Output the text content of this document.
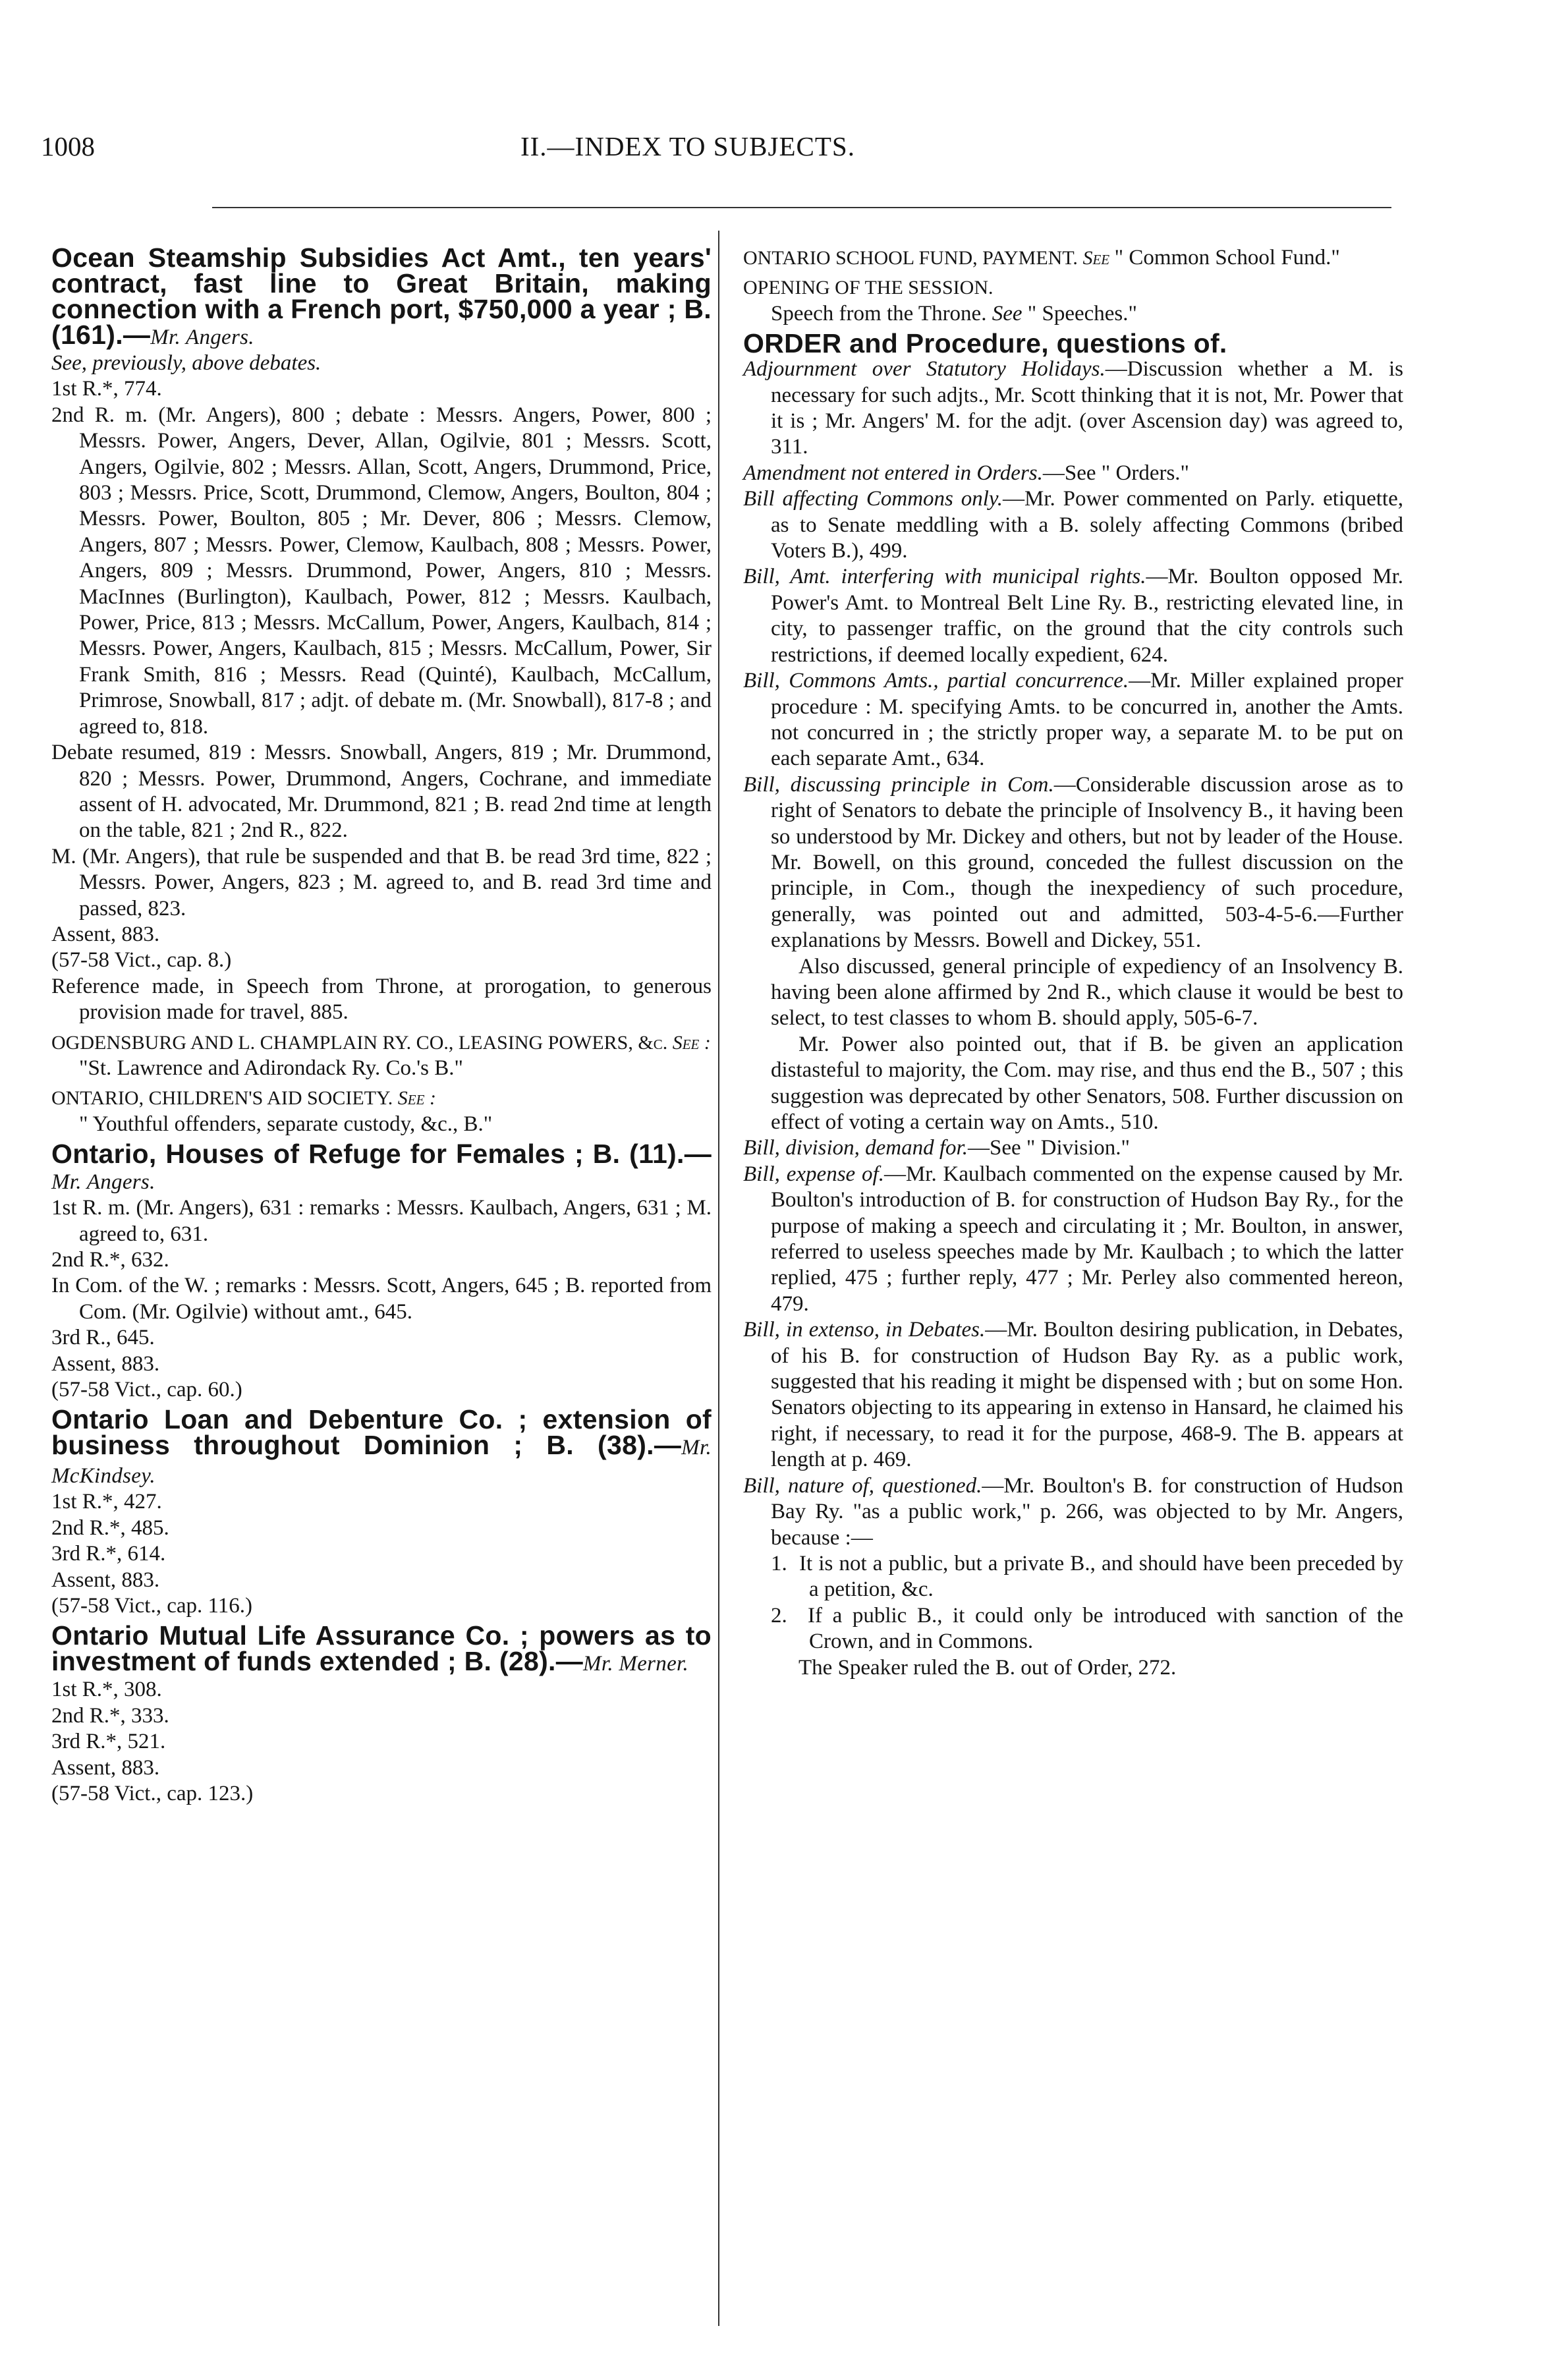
1008	II.—INDEX TO SUBJECTS.

Ocean Steamship Subsidies Act Amt., ten years' contract, fast line to Great Britain, making connection with a French port, $750,000 a year ; B. (161).—Mr. Angers.

See, previously, above debates.

1st R.*, 774.

2nd R. m. (Mr. Angers), 800 ; debate : Messrs. Angers, Power, 800 ; Messrs. Power, Angers, Dever, Allan, Ogilvie, 801 ; Messrs. Scott, Angers, Ogilvie, 802 ; Messrs. Allan, Scott, Angers, Drummond, Price, 803 ; Messrs. Price, Scott, Drummond, Clemow, Angers, Boulton, 804 ; Messrs. Power, Boulton, 805 ; Mr. Dever, 806 ; Messrs. Clemow, Angers, 807 ; Messrs. Power, Clemow, Kaulbach, 808 ; Messrs. Power, Angers, 809 ; Messrs. Drummond, Power, Angers, 810 ; Messrs. MacInnes (Burlington), Kaulbach, Power, 812 ; Messrs. Kaulbach, Power, Price, 813 ; Messrs. McCallum, Power, Angers, Kaulbach, 814 ; Messrs. Power, Angers, Kaulbach, 815 ; Messrs. McCallum, Power, Sir Frank Smith, 816 ; Messrs. Read (Quinté), Kaulbach, McCallum, Primrose, Snowball, 817 ; adjt. of debate m. (Mr. Snowball), 817-8 ; and agreed to, 818.

Debate resumed, 819 : Messrs. Snowball, Angers, 819 ; Mr. Drummond, 820 ; Messrs. Power, Drummond, Angers, Cochrane, and immediate assent of H. advocated, Mr. Drummond, 821 ; B. read 2nd time at length on the table, 821 ; 2nd R., 822.

M. (Mr. Angers), that rule be suspended and that B. be read 3rd time, 822 ; Messrs. Power, Angers, 823 ; M. agreed to, and B. read 3rd time and passed, 823.

Assent, 883.

(57-58 Vict., cap. 8.)

Reference made, in Speech from Throne, at prorogation, to generous provision made for travel, 885.

OGDENSBURG AND L. CHAMPLAIN RY. CO., LEASING POWERS, &c. See :

"St. Lawrence and Adirondack Ry. Co.'s B."

ONTARIO, CHILDREN'S AID SOCIETY. See :

" Youthful offenders, separate custody, &c., B."

Ontario, Houses of Refuge for Females ; B. (11).—Mr. Angers.

1st R. m. (Mr. Angers), 631 : remarks : Messrs. Kaulbach, Angers, 631 ; M. agreed to, 631.

2nd R.*, 632.

In Com. of the W. ; remarks : Messrs. Scott, Angers, 645 ; B. reported from Com. (Mr. Ogilvie) without amt., 645.

3rd R., 645.

Assent, 883.

(57-58 Vict., cap. 60.)

Ontario Loan and Debenture Co. ; extension of business throughout Dominion ; B. (38).—Mr. McKindsey.

1st R.*, 427.

2nd R.*, 485.

3rd R.*, 614.

Assent, 883.

(57-58 Vict., cap. 116.)

Ontario Mutual Life Assurance Co. ; powers as to investment of funds extended ; B. (28).—Mr. Merner.

1st R.*, 308.

2nd R.*, 333.

3rd R.*, 521.

Assent, 883.

(57-58 Vict., cap. 123.)

ONTARIO SCHOOL FUND, PAYMENT. See " Common School Fund."

OPENING OF THE SESSION.

Speech from the Throne. See " Speeches."

ORDER and Procedure, questions of.

Adjournment over Statutory Holidays.—Discussion whether a M. is necessary for such adjts., Mr. Scott thinking that it is not, Mr. Power that it is ; Mr. Angers' M. for the adjt. (over Ascension day) was agreed to, 311.

Amendment not entered in Orders.—See " Orders."

Bill affecting Commons only.—Mr. Power commented on Parly. etiquette, as to Senate meddling with a B. solely affecting Commons (bribed Voters B.), 499.

Bill, Amt. interfering with municipal rights.—Mr. Boulton opposed Mr. Power's Amt. to Montreal Belt Line Ry. B., restricting elevated line, in city, to passenger traffic, on the ground that the city controls such restrictions, if deemed locally expedient, 624.

Bill, Commons Amts., partial concurrence.—Mr. Miller explained proper procedure : M. specifying Amts. to be concurred in, another the Amts. not concurred in ; the strictly proper way, a separate M. to be put on each separate Amt., 634.

Bill, discussing principle in Com.—Considerable discussion arose as to right of Senators to debate the principle of Insolvency B., it having been so understood by Mr. Dickey and others, but not by leader of the House. Mr. Bowell, on this ground, conceded the fullest discussion on the principle, in Com., though the inexpediency of such procedure, generally, was pointed out and admitted, 503-4-5-6.—Further explanations by Messrs. Bowell and Dickey, 551.

Also discussed, general principle of expediency of an Insolvency B. having been alone affirmed by 2nd R., which clause it would be best to select, to test classes to whom B. should apply, 505-6-7.

Mr. Power also pointed out, that if B. be given an application distasteful to majority, the Com. may rise, and thus end the B., 507 ; this suggestion was deprecated by other Senators, 508. Further discussion on effect of voting a certain way on Amts., 510.

Bill, division, demand for.—See " Division."

Bill, expense of.—Mr. Kaulbach commented on the expense caused by Mr. Boulton's introduction of B. for construction of Hudson Bay Ry., for the purpose of making a speech and circulating it ; Mr. Boulton, in answer, referred to useless speeches made by Mr. Kaulbach ; to which the latter replied, 475 ; further reply, 477 ; Mr. Perley also commented hereon, 479.

Bill, in extenso, in Debates.—Mr. Boulton desiring publication, in Debates, of his B. for construction of Hudson Bay Ry. as a public work, suggested that his reading it might be dispensed with ; but on some Hon. Senators objecting to its appearing in extenso in Hansard, he claimed his right, if necessary, to read it for the purpose, 468-9. The B. appears at length at p. 469.

Bill, nature of, questioned.—Mr. Boulton's B. for construction of Hudson Bay Ry. "as a public work," p. 266, was objected to by Mr. Angers, because :—

1. It is not a public, but a private B., and should have been preceded by a petition, &c.

2. If a public B., it could only be introduced with sanction of the Crown, and in Commons.

The Speaker ruled the B. out of Order, 272.
